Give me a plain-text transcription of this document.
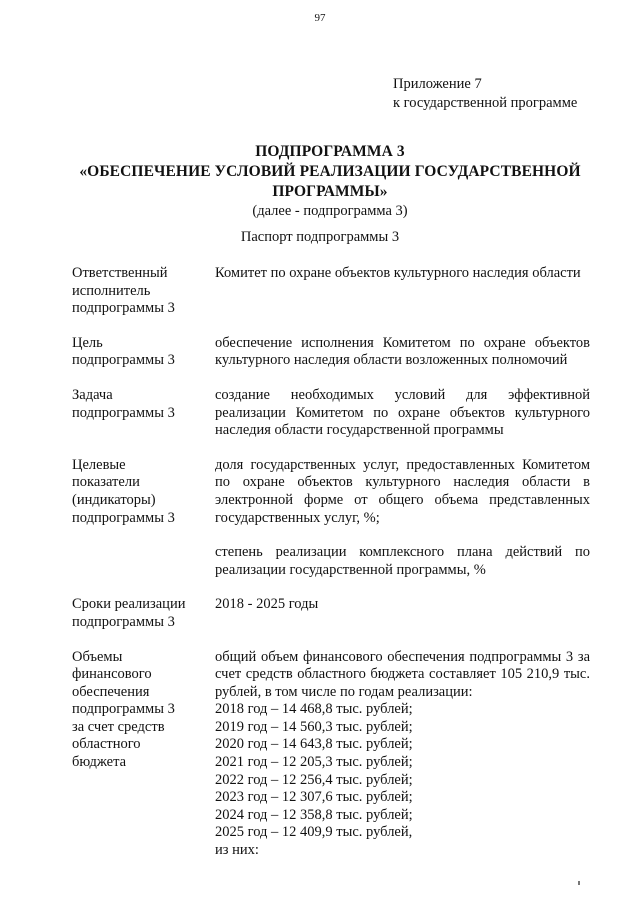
97
Приложение 7
к государственной программе
ПОДПРОГРАММА 3
«ОБЕСПЕЧЕНИЕ УСЛОВИЙ РЕАЛИЗАЦИИ ГОСУДАРСТВЕННОЙ
ПРОГРАММЫ»
(далее - подпрограмма 3)
Паспорт подпрограммы 3
Ответственный
исполнитель
подпрограммы 3

Комитет по охране объектов культурного наследия области

Цель
подпрограммы 3

обеспечение исполнения Комитетом по охране объектов культурного наследия области возложенных полномочий

Задача
подпрограммы 3

создание необходимых условий для эффективной реализации Комитетом по охране объектов культурного наследия области государственной программы

Целевые
показатели
(индикаторы)
подпрограммы 3

доля государственных услуг, предоставленных Комитетом по охране объектов культурного наследия области в электронной форме от общего объема представленных государственных услуг, %;

степень реализации комплексного плана действий по реализации государственной программы, %

Сроки реализации
подпрограммы 3

2018 - 2025 годы

Объемы
финансового
обеспечения
подпрограммы 3
за счет средств
областного
бюджета

общий объем финансового обеспечения подпрограммы 3 за счет средств областного бюджета составляет 105 210,9 тыс. рублей, в том числе по годам реализации:

2018 год – 14 468,8 тыс. рублей;
2019 год – 14 560,3 тыс. рублей;
2020 год – 14 643,8 тыс. рублей;
2021 год – 12 205,3 тыс. рублей;
2022 год – 12 256,4 тыс. рублей;
2023 год – 12 307,6 тыс. рублей;
2024 год – 12 358,8 тыс. рублей;
2025 год – 12 409,9 тыс. рублей,
из них:
